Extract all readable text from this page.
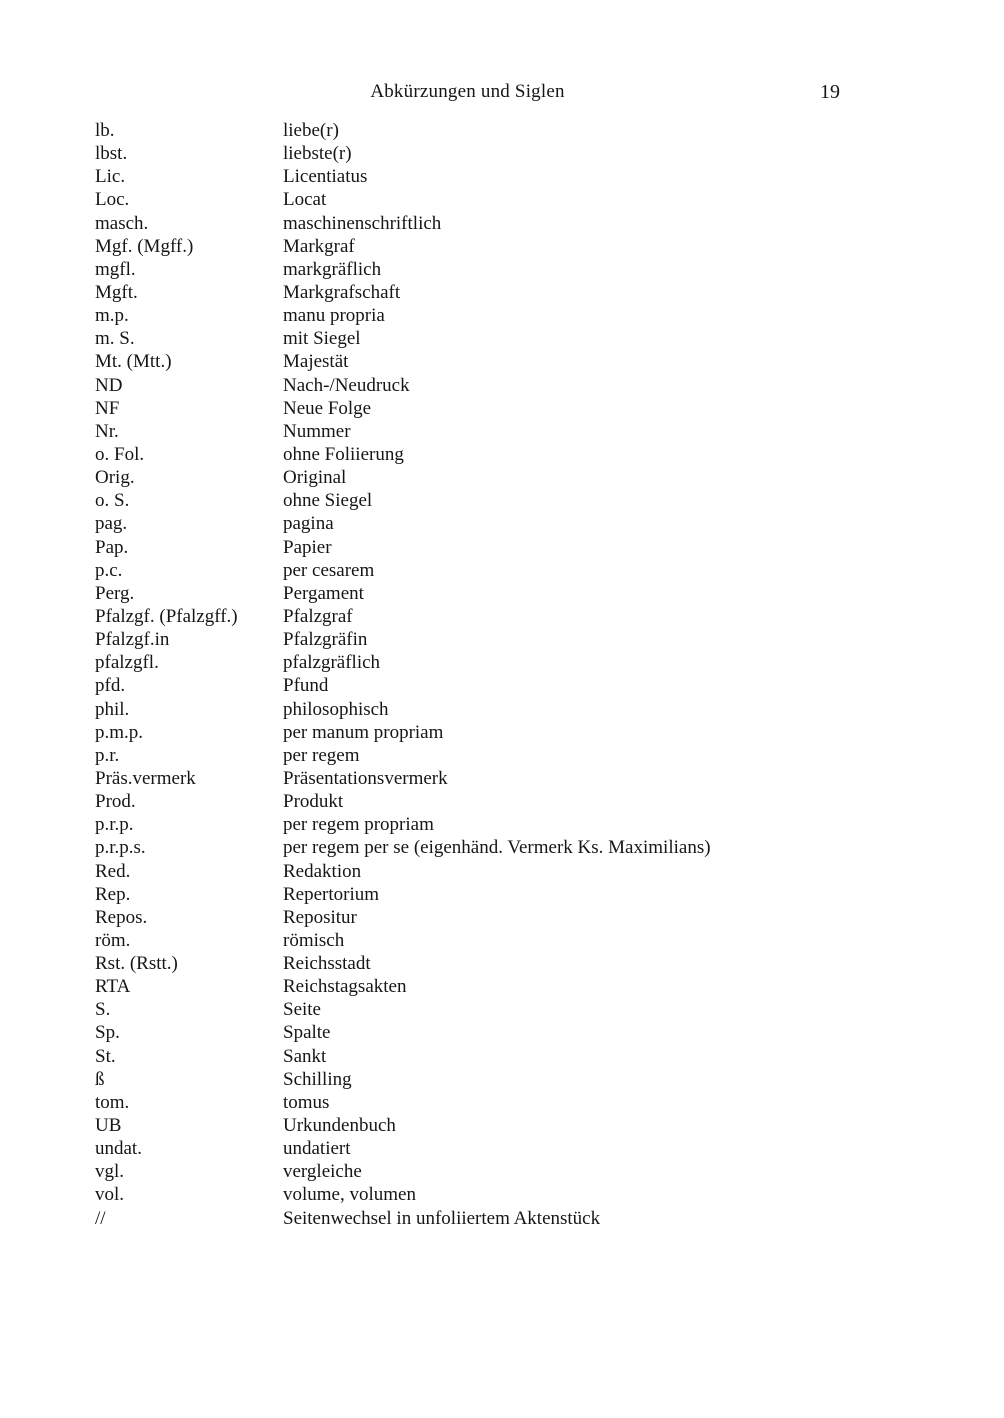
Abkürzungen und Siglen	19
lb.	liebe(r)
lbst.	liebste(r)
Lic.	Licentiatus
Loc.	Locat
masch.	maschinenschriftlich
Mgf. (Mgff.)	Markgraf
mgfl.	markgräflich
Mgft.	Markgrafschaft
m.p.	manu propria
m. S.	mit Siegel
Mt. (Mtt.)	Majestät
ND	Nach-/Neudruck
NF	Neue Folge
Nr.	Nummer
o. Fol.	ohne Foliierung
Orig.	Original
o. S.	ohne Siegel
pag.	pagina
Pap.	Papier
p.c.	per cesarem
Perg.	Pergament
Pfalzgf. (Pfalzgff.)	Pfalzgraf
Pfalzgf.in	Pfalzgräfin
pfalzgfl.	pfalzgräflich
pfd.	Pfund
phil.	philosophisch
p.m.p.	per manum propriam
p.r.	per regem
Präs.vermerk	Präsentationsvermerk
Prod.	Produkt
p.r.p.	per regem propriam
p.r.p.s.	per regem per se (eigenhänd. Vermerk Ks. Maximilians)
Red.	Redaktion
Rep.	Repertorium
Repos.	Repositur
röm.	römisch
Rst. (Rstt.)	Reichsstadt
RTA	Reichstagsakten
S.	Seite
Sp.	Spalte
St.	Sankt
ß	Schilling
tom.	tomus
UB	Urkundenbuch
undat.	undatiert
vgl.	vergleiche
vol.	volume, volumen
//	Seitenwechsel in unfoliiertem Aktenstück
